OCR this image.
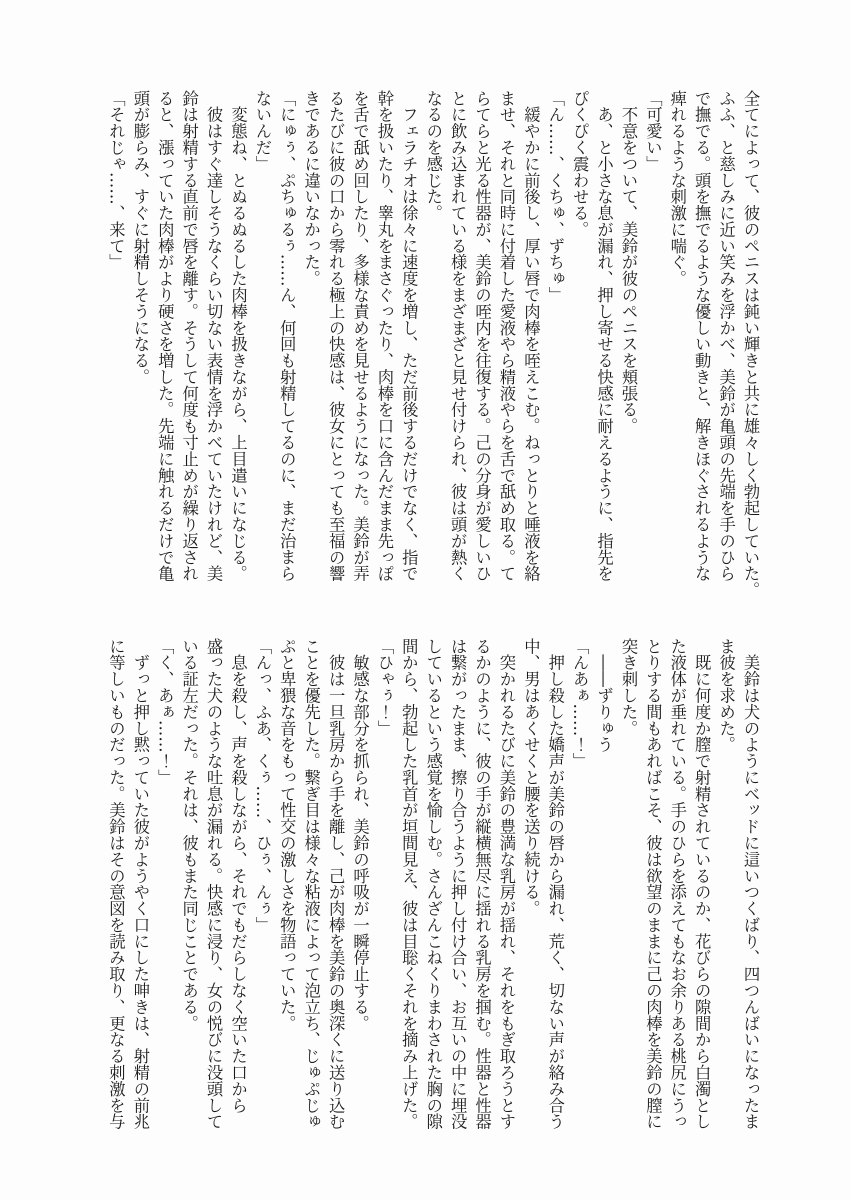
全てによって、彼のペニスは鈍い輝きと共に雄々しく勃起していた。

ふふ、と慈しみに近い笑みを浮かべ、美鈴が亀頭の先端を手のひら

で撫でる。頭を撫でるような優しい動きと、解きほぐされるような

痺れるような刺激に喘ぐ。

「可愛い」

　不意をついて、美鈴が彼のペニスを頬張る。

　あ、と小さな息が漏れ、押し寄せる快感に耐えるように、指先を

ぴくぴく震わせる。

「ん……、くちゅ、ずちゅ」

　緩やかに前後し、厚い唇で肉棒を咥えこむ。ねっとりと唾液を絡

ませ、それと同時に付着した愛液やら精液やらを舌で舐め取る。て

らてらと光る性器が、美鈴の咥内を往復する。己の分身が愛しいひ

とに飲み込まれている様をまざまざと見せ付けられ、彼は頭が熱く

なるのを感じた。

　フェラチオは徐々に速度を増し、ただ前後するだけでなく、指で

幹を扱いたり、睾丸をまさぐったり、肉棒を口に含んだまま先っぽ

を舌で舐め回したり、多様な責めを見せるようになった。美鈴が弄

るたびに彼の口から零れる極上の快感は、彼女にとっても至福の響

きであるに違いなかった。

「にゅぅ、ぷちゅるぅ……ん、何回も射精してるのに、まだ治まら

ないんだ」

　変態ね、とぬるぬるした肉棒を扱きながら、上目遣いになじる。

　彼はすぐ達しそうなくらい切ない表情を浮かべていたけれど、美

鈴は射精する直前で唇を離す。そうして何度も寸止めが繰り返され

ると、漲っていた肉棒がより硬さを増した。先端に触れるだけで亀

頭が膨らみ、すぐに射精しそうになる。

「それじゃ……、来て」

　美鈴は犬のようにベッドに這いつくばり、四つんばいになったま

ま彼を求めた。

　既に何度か膣で射精されているのか、花びらの隙間から白濁とし

た液体が垂れている。手のひらを添えてもなお余りある桃尻にうっ

とりする間もあればこそ、彼は欲望のままに己の肉棒を美鈴の膣に

突き刺した。

　――ずりゅう

「んあぁ……！」

　押し殺した嬌声が美鈴の唇から漏れ、荒く、切ない声が絡み合う

中、男はあくせくと腰を送り続ける。

　突かれるたびに美鈴の豊満な乳房が揺れ、それをもぎ取ろうとす

るかのように、彼の手が縦横無尽に揺れる乳房を掴む。性器と性器

は繋がったまま、擦り合うように押し付け合い、お互いの中に埋没

しているという感覚を愉しむ。さんざんこねくりまわされた胸の隙

間から、勃起した乳首が垣間見え、彼は目聡くそれを摘み上げた。

「ひゃぅ！」

　敏感な部分を抓られ、美鈴の呼吸が一瞬停止する。

　彼は一旦乳房から手を離し、己が肉棒を美鈴の奥深くに送り込む

ことを優先した。繋ぎ目は様々な粘液によって泡立ち、じゅぷじゅ

ぷと卑猥な音をもって性交の激しさを物語っていた。

「んっ、ふあ、くぅ……、ひぅ、んぅ」

　息を殺し、声を殺しながら、それでもだらしなく空いた口から

盛った犬のような吐息が漏れる。快感に浸り、女の悦びに没頭して

いる証左だった。それは、彼もまた同じことである。

「く、あぁ……！」

　ずっと押し黙っていた彼がようやく口にした呻きは、射精の前兆

に等しいものだった。美鈴はその意図を読み取り、更なる刺激を与
